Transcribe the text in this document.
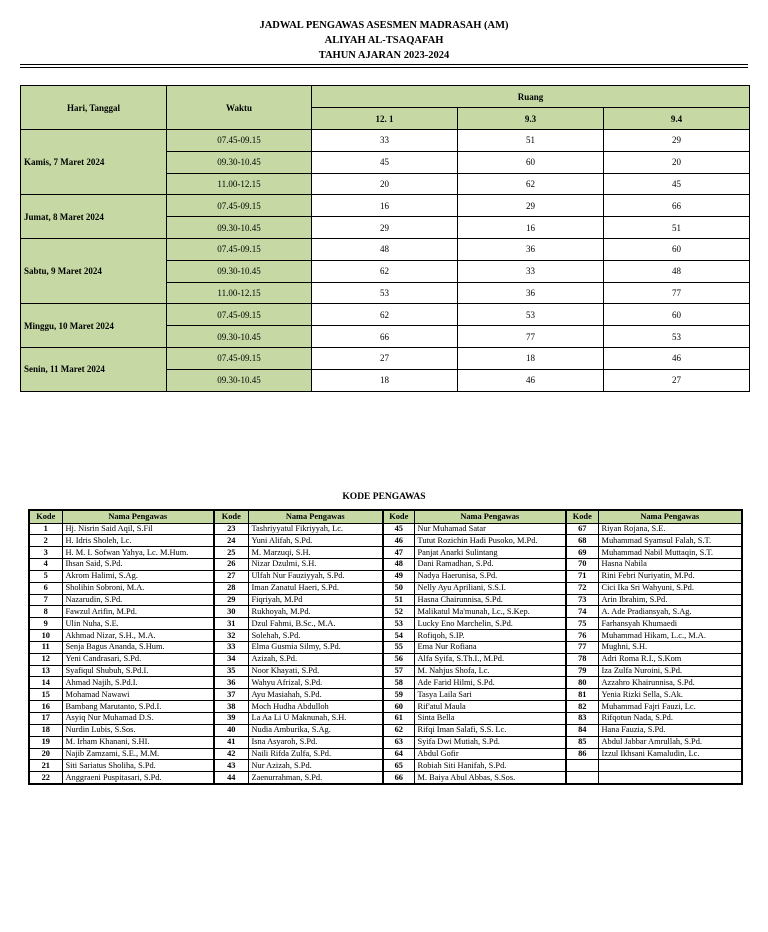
JADWAL PENGAWAS ASESMEN MADRASAH (AM)
ALIYAH AL-TSAQAFAH
TAHUN AJARAN 2023-2024
Hari, Tanggal	Waktu	Ruang		
		12. 1	9.3	9.4
Kamis, 7 Maret 2024	07.45-09.15	33	51	29
	09.30-10.45	45	60	20
	11.00-12.15	20	62	45
Jumat, 8 Maret 2024	07.45-09.15	16	29	66
	09.30-10.45	29	16	51
Sabtu, 9 Maret 2024	07.45-09.15	48	36	60
	09.30-10.45	62	33	48
	11.00-12.15	53	36	77
Minggu, 10 Maret 2024	07.45-09.15	62	53	60
	09.30-10.45	66	77	53
Senin, 11 Maret 2024	07.45-09.15	27	18	46
	09.30-10.45	18	46	27
KODE PENGAWAS
Kode	Nama Pengawas	Kode	Nama Pengawas	Kode	Nama Pengawas	Kode	Nama Pengawas
1	Hj. Nisrin Said Aqil, S.Fil	23	Tashriyyatul Fikriyyah, Lc.	45	Nur Muhamad Satar	67	Riyan Rojana, S.E.
2	H. Idris Sholeh, Lc.	24	Yuni Alifah, S.Pd.	46	Tutut Rozichin Hadi Pusoko, M.Pd.	68	Muhammad Syamsul Falah, S.T.
3	H. M. I. Sofwan Yahya, Lc. M.Hum.	25	M. Marzuqi, S.H.	47	Panjat Anarki Sulintang	69	Muhammad Nabil Muttaqin, S.T.
4	Ihsan Said, S.Pd.	26	Nizar Dzulmi, S.H.	48	Dani Ramadhan, S.Pd.	70	Hasna Nabila
5	Akrom Halimi, S.Ag.	27	Ulfah Nur Fauziyyah, S.Pd.	49	Nadya Haerunisa, S.Pd.	71	Rini Febri Nuriyatin, M.Pd.
6	Sholihin Sobroni, M.A.	28	Iman Zanatul Haeri, S.Pd.	50	Nelly Ayu Apriliani, S.S.I.	72	Cici Ika Sri Wahyuni, S.Pd.
7	Nazarudin, S.Pd.	29	Fiqriyah, M.Pd	51	Hasna Chairunnisa, S.Pd.	73	Arin Ibrahim, S.Pd.
8	Fawzul Arifin, M.Pd.	30	Rukhoyah, M.Pd.	52	Malikatul Ma'munah, Lc., S.Kep.	74	A. Ade Pradiansyah, S.Ag.
9	Ulin Nuha, S.E.	31	Dzul Fahmi, B.Sc., M.A.	53	Lucky Eno Marchelin, S.Pd.	75	Farhansyah Khumaedi
10	Akhmad Nizar, S.H., M.A.	32	Solehah, S.Pd.	54	Rofiqoh, S.IP.	76	Muhammad Hikam, L.c., M.A.
11	Senja Bagus Ananda, S.Hum.	33	Elma Gusmia Silmy, S.Pd.	55	Ema Nur Rofiana	77	Mughni, S.H.
12	Yeni Candrasari, S.Pd.	34	Azizah, S.Pd.	56	Alfa Syifa, S.Th.I., M.Pd.	78	Adri Roma R.I., S.Kom
13	Syafiqul Shubuh, S.Pd.I.	35	Noor Khayati, S.Pd.	57	M. Nahjus Shofa, Lc.	79	Iza Zulfa Nuroini, S.Pd.
14	Ahmad Najih, S.Pd.I.	36	Wahyu Afrizal, S.Pd.	58	Ade Farid Hilmi, S.Pd.	80	Azzahro Khairunnisa, S.Pd.
15	Mohamad Nawawi	37	Ayu Masiahah, S.Pd.	59	Tasya Laila Sari	81	Yenia Rizki Sella, S.Ak.
16	Bambang Marutanto, S.Pd.I.	38	Moch Hudha Abdulloh	60	Rif'atul Maula	82	Muhammad Fajri Fauzi, Lc.
17	Asyiq Nur Muhamad D.S.	39	La Aa Li U Maknunah, S.H.	61	Sinta Bella	83	Rifqotun Nada, S.Pd.
18	Nurdin Lubis, S.Sos.	40	Nudia Amburika, S.Ag.	62	Rifqi Iman Salafi, S.S. Lc.	84	Hana Fauzia, S.Pd.
19	M. Irham Khanani, S.HI.	41	Isna Asyaroh, S.Pd.	63	Syifa Dwi Mutiah, S.Pd.	85	Abdul Jabbar Amrullah, S.Pd.
20	Najib Zamzami, S.E., M.M.	42	Naili Rifda Zulfa, S.Pd.	64	Abdul Gofir	86	Izzul Ikhsani Kamaludin, Lc.
21	Siti Sariatus Sholiha, S.Pd.	43	Nur Azizah, S.Pd.	65	Robiah Siti Hanifah, S.Pd.		
22	Anggraeni Puspitasari, S.Pd.	44	Zaenurrahman, S.Pd.	66	M. Baiya Abul Abbas, S.Sos.		
